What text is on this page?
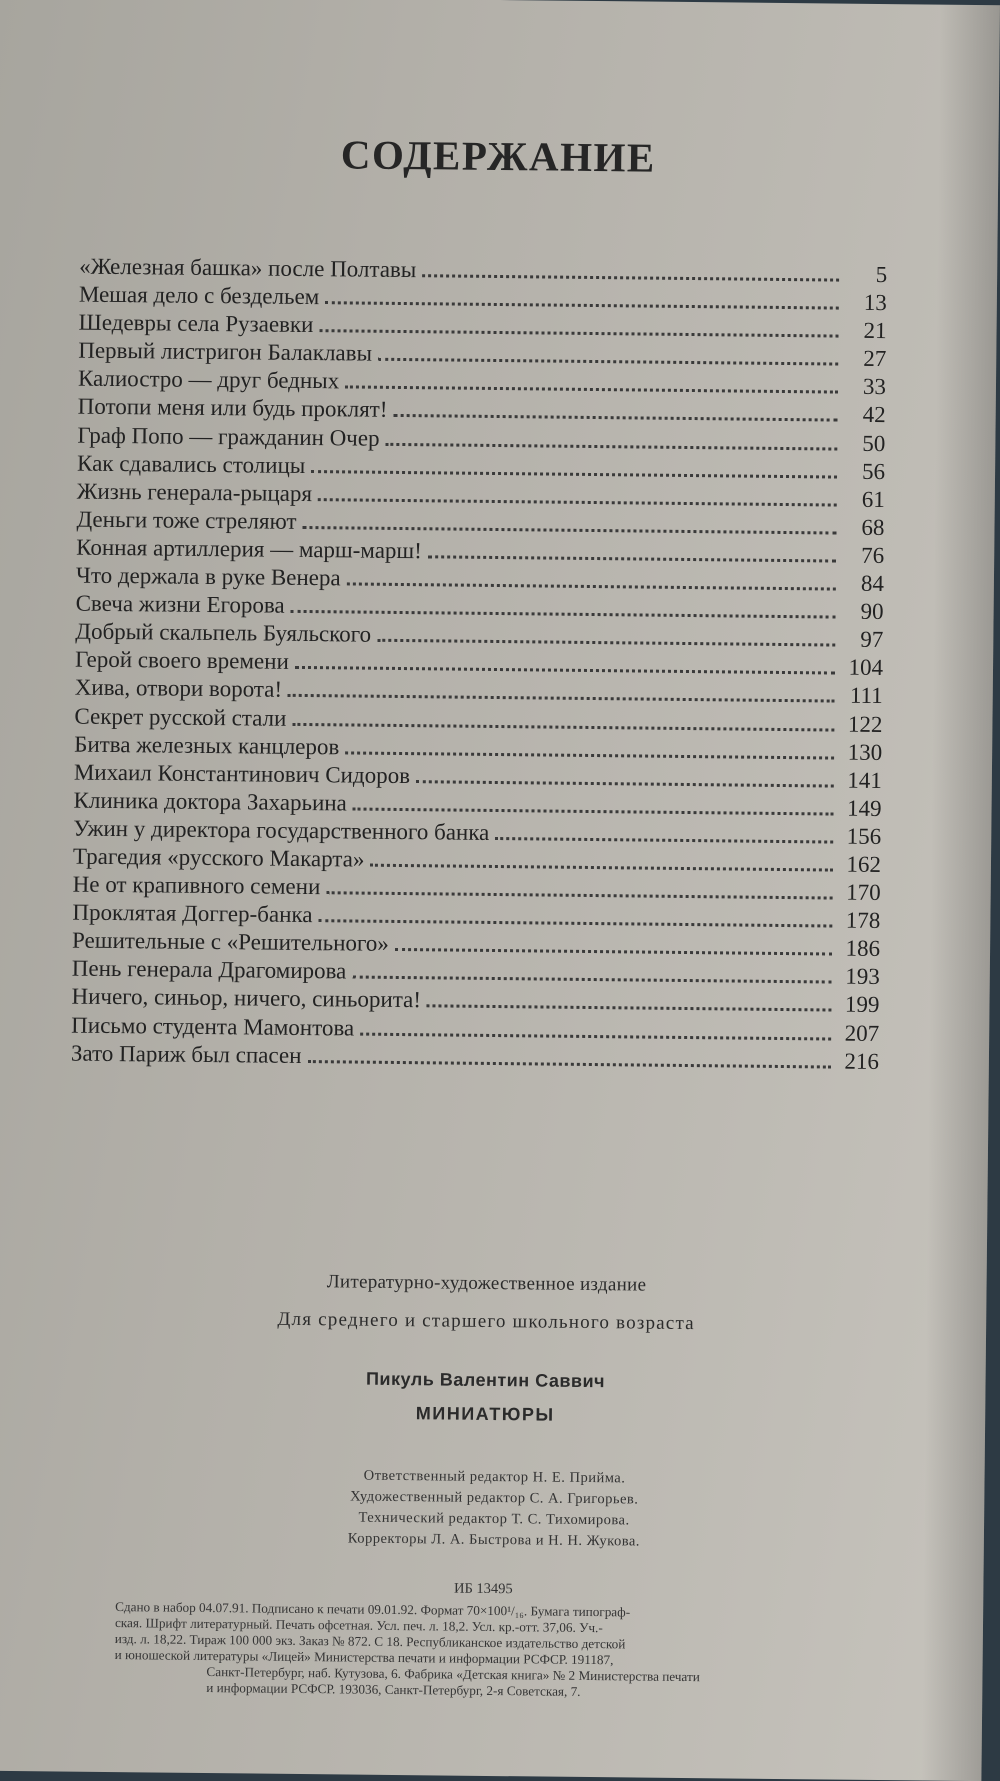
СОДЕРЖАНИЕ
«Железная башка» после Полтавы	5
Мешая дело с бездельем	13
Шедевры села Рузаевки	21
Первый листригон Балаклавы	27
Калиостро — друг бедных	33
Потопи меня или будь проклят!	42
Граф Попо — гражданин Очер	50
Как сдавались столицы	56
Жизнь генерала-рыцаря	61
Деньги тоже стреляют	68
Конная артиллерия — марш-марш!	76
Что держала в руке Венера	84
Свеча жизни Егорова	90
Добрый скальпель Буяльского	97
Герой своего времени	104
Хива, отвори ворота!	111
Секрет русской стали	122
Битва железных канцлеров	130
Михаил Константинович Сидоров	141
Клиника доктора Захарьина	149
Ужин у директора государственного банка	156
Трагедия «русского Макарта»	162
Не от крапивного семени	170
Проклятая Доггер-банка	178
Решительные с «Решительного»	186
Пень генерала Драгомирова	193
Ничего, синьор, ничего, синьорита!	199
Письмо студента Мамонтова	207
Зато Париж был спасен	216
Литературно-художественное издание
Для среднего и старшего школьного возраста
Пикуль Валентин Саввич
МИНИАТЮРЫ
Ответственный редактор Н. Е. Прийма.
Художественный редактор С. А. Григорьев.
Технический редактор Т. С. Тихомирова.
Корректоры Л. А. Быстрова и Н. Н. Жукова.
ИБ 13495

Сдано в набор 04.07.91. Подписано к печати 09.01.92. Формат 70×100¹/₁₆. Бумага типограф-

ская. Шрифт литературный. Печать офсетная. Усл. печ. л. 18,2. Усл. кр.-отт. 37,06. Уч.-

изд. л. 18,22. Тираж 100 000 экз. Заказ № 872. С 18. Республиканское издательство детской

и юношеской литературы «Лицей» Министерства печати и информации РСФСР. 191187,

Санкт-Петербург, наб. Кутузова, 6. Фабрика «Детская книга» № 2 Министерства печати

и информации РСФСР. 193036, Санкт-Петербург, 2-я Советская, 7.
